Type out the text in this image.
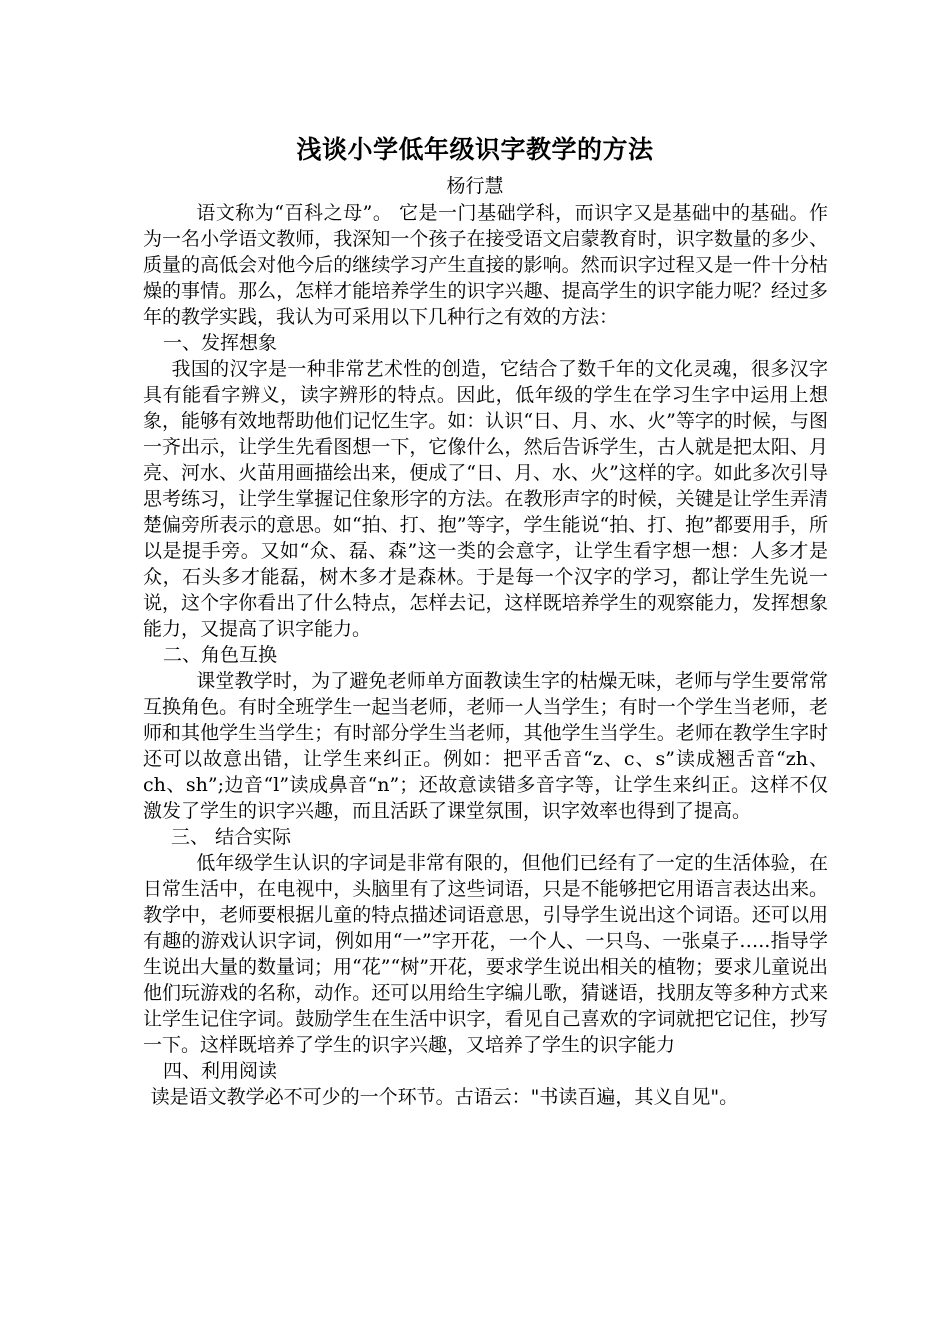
浅谈小学低年级识字教学的方法
杨行慧

语文称为“百科之母”。 它是一门基础学科，而识字又是基础中的基础。作为一名小学语文教师，我深知一个孩子在接受语文启蒙教育时，识字数量的多少、质量的高低会对他今后的继续学习产生直接的影响。然而识字过程又是一件十分枯燥的事情。那么，怎样才能培养学生的识字兴趣、提高学生的识字能力呢？经过多年的教学实践，我认为可采用以下几种行之有效的方法：

一、发挥想象

我国的汉字是一种非常艺术性的创造，它结合了数千年的文化灵魂，很多汉字具有能看字辨义，读字辨形的特点。因此，低年级的学生在学习生字中运用上想象，能够有效地帮助他们记忆生字。如：认识“日、月、水、火”等字的时候，与图一齐出示，让学生先看图想一下，它像什么，然后告诉学生，古人就是把太阳、月亮、河水、火苗用画描绘出来，便成了“日、月、水、火”这样的字。如此多次引导思考练习，让学生掌握记住象形字的方法。在教形声字的时候，关键是让学生弄清楚偏旁所表示的意思。如“拍、打、抱”等字，学生能说“拍、打、抱”都要用手，所以是提手旁。又如“众、磊、森”这一类的会意字，让学生看字想一想：人多才是众，石头多才能磊，树木多才是森林。于是每一个汉字的学习，都让学生先说一说，这个字你看出了什么特点，怎样去记，这样既培养学生的观察能力，发挥想象能力，又提高了识字能力。

二、角色互换

课堂教学时，为了避免老师单方面教读生字的枯燥无味，老师与学生要常常互换角色。有时全班学生一起当老师，老师一人当学生；有时一个学生当老师，老师和其他学生当学生；有时部分学生当老师，其他学生当学生。老师在教学生字时还可以故意出错，让学生来纠正。例如：把平舌音“z、c、s”读成翘舌音“zh、ch、sh”;边音“l”读成鼻音“n”；还故意读错多音字等，让学生来纠正。这样不仅激发了学生的识字兴趣，而且活跃了课堂氛围，识字效率也得到了提高。

三、 结合实际

低年级学生认识的字词是非常有限的，但他们已经有了一定的生活体验，在日常生活中，在电视中，头脑里有了这些词语，只是不能够把它用语言表达出来。教学中，老师要根据儿童的特点描述词语意思，引导学生说出这个词语。还可以用有趣的游戏认识字词，例如用“一”字开花，一个人、一只鸟、一张桌子…..指导学生说出大量的数量词；用“花”“树”开花，要求学生说出相关的植物；要求儿童说出他们玩游戏的名称，动作。还可以用给生字编儿歌，猜谜语，找朋友等多种方式来让学生记住字词。鼓励学生在生活中识字，看见自己喜欢的字词就把它记住，抄写一下。这样既培养了学生的识字兴趣，又培养了学生的识字能力

四、利用阅读

读是语文教学必不可少的一个环节。古语云："书读百遍，其义自见"。
